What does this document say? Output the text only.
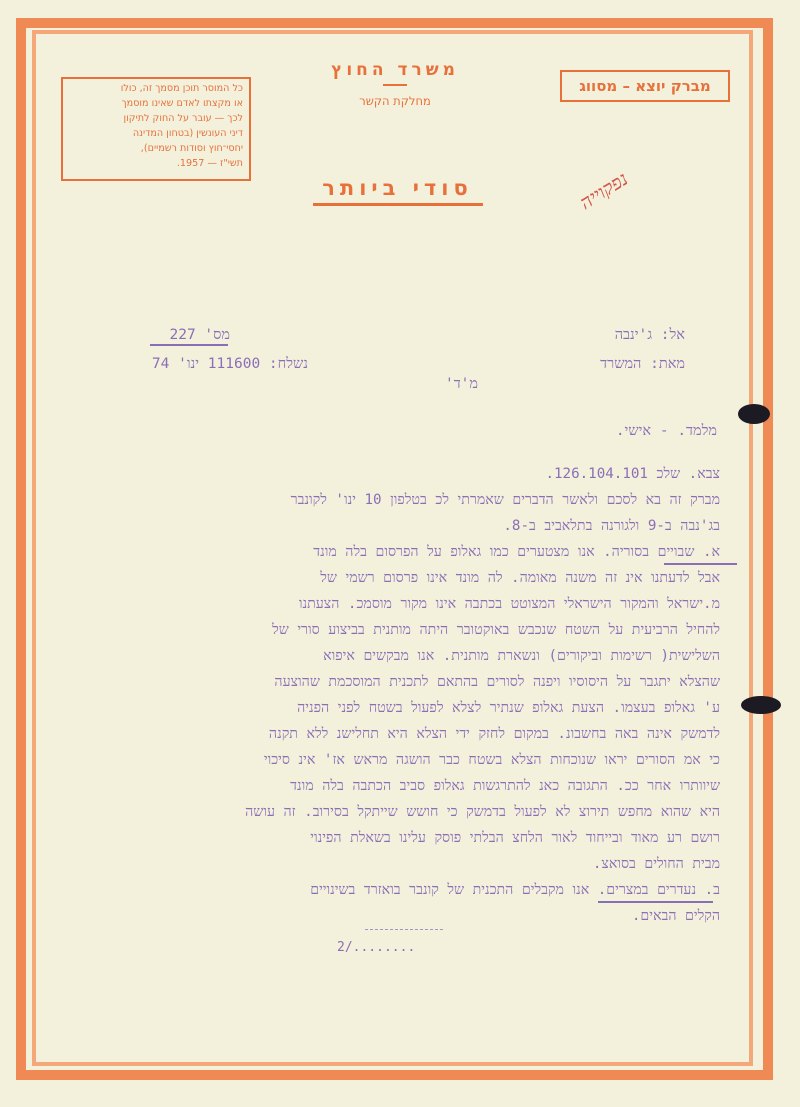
כל המוסר תוכן מסמך זה, כולו
או מקצתו לאדם שאינו מוסמך
לכך — עובר על החוק לתיקון
דיני העונשין (בטחון המדינה
יחסי־חוץ וסודות רשמיים),
תשי"ז — 1957.
משרד החוץ
מחלקת הקשר
מברק יוצא – מסווג
סודי ביותר	נפקוייה
אל: ג'ינבה
מאת: המשרד
מס' 227
נשלח: 111600 ינו' 74
מ'ד'
מלמד. - אישי.
צבא. שלכ 126.104.101.
מברק זה בא לסכם ולאשר הדברים שאמרתי לכ בטלפון 10 ינו' לקונבר
בג'נבה ב-9 ולגורנה בתלאביב ב-8.
א. שבויים בסוריה. אנו מצטערים כמו גאלופ על הפרסום בלה מונד
אבל לדעתנו אינ זה משנה מאומה. לה מונד אינו פרסום רשמי של
מ.ישראל והמקור הישראלי המצוטט בכתבה אינו מקור מוסמכ. הצעתנו
להחיל הרביעית על השטח שנכבש באוקטובר היתה מותנית בביצוע סורי של
השלישית( רשימות וביקורים) ונשארת מותנית. אנו מבקשים איפוא
שהצלא יתגבר על היסוסיו ויפנה לסורים בהתאם לתכנית המוסכמת שהוצעה
ע' גאלופ בעצמו. הצעת גאלופ שנתיר לצלא לפעול בשטח לפני הפניה
לדמשק אינה באה בחשבונ. במקום לחזק ידי הצלא היא תחלישנ ללא תקנה
כי אמ הסורים יראו שנוכחות הצלא בשטח כבר הושגה מראש אז' אינ סיכוי
שיוותרו אחר ככ. התגובה כאנ להתרגשות גאלופ סביב הכתבה בלה מונד
היא שהוא מחפש תירוצ לא לפעול בדמשק כי חושש שייתקל בסירוב. זה עושה
רושם רע מאוד ובייחוד לאור הלחצ הבלתי פוסק עלינו בשאלת הפינוי
מבית החולים בסואצ.
ב. נעדרים במצרים. אנו מקבלים התכנית של קונבר בואזרד בשינויים
הקלים הבאים.
2/........
